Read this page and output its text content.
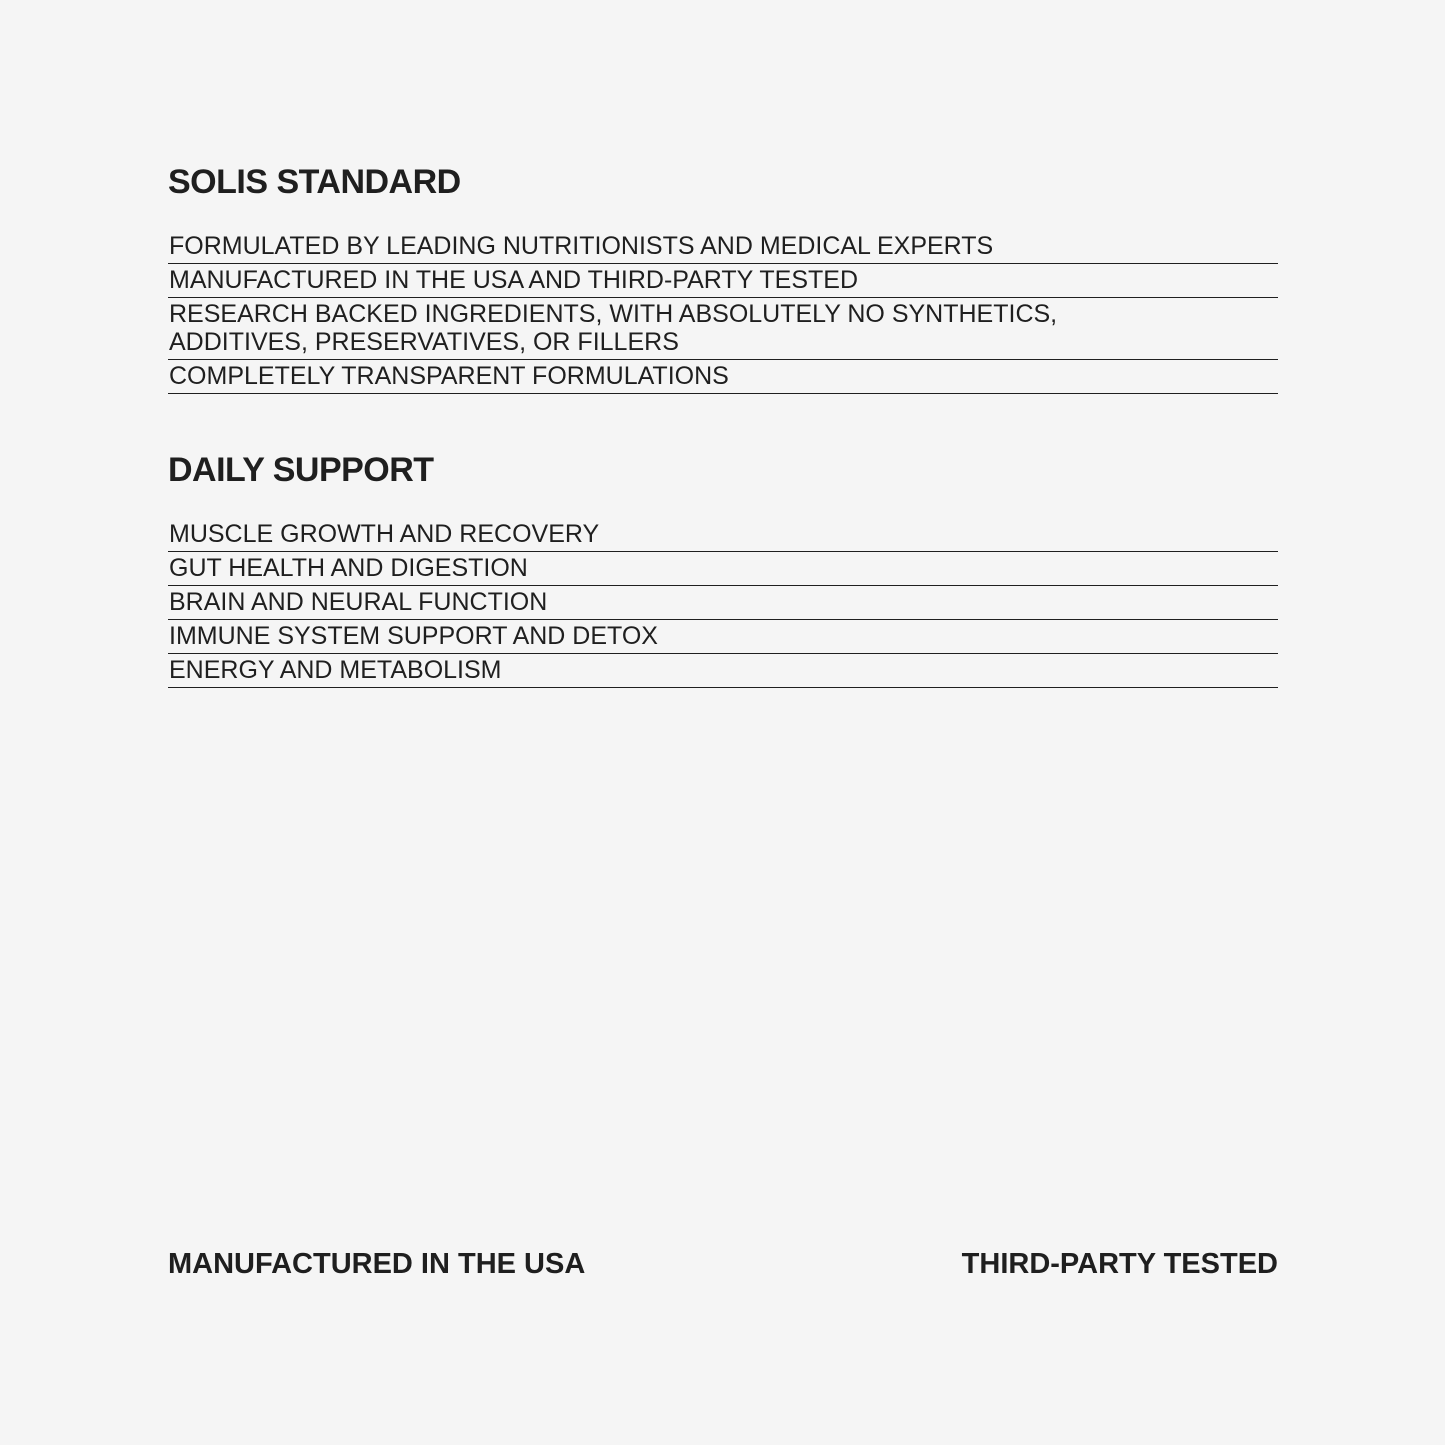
SOLIS STANDARD
FORMULATED BY LEADING NUTRITIONISTS AND MEDICAL EXPERTS
MANUFACTURED IN THE USA AND THIRD-PARTY TESTED
RESEARCH BACKED INGREDIENTS, WITH ABSOLUTELY NO SYNTHETICS,
ADDITIVES, PRESERVATIVES, OR FILLERS
COMPLETELY TRANSPARENT FORMULATIONS
DAILY SUPPORT
MUSCLE GROWTH AND RECOVERY
GUT HEALTH AND DIGESTION
BRAIN AND NEURAL FUNCTION
IMMUNE SYSTEM SUPPORT AND DETOX
ENERGY AND METABOLISM
MANUFACTURED IN THE USA	THIRD-PARTY TESTED
